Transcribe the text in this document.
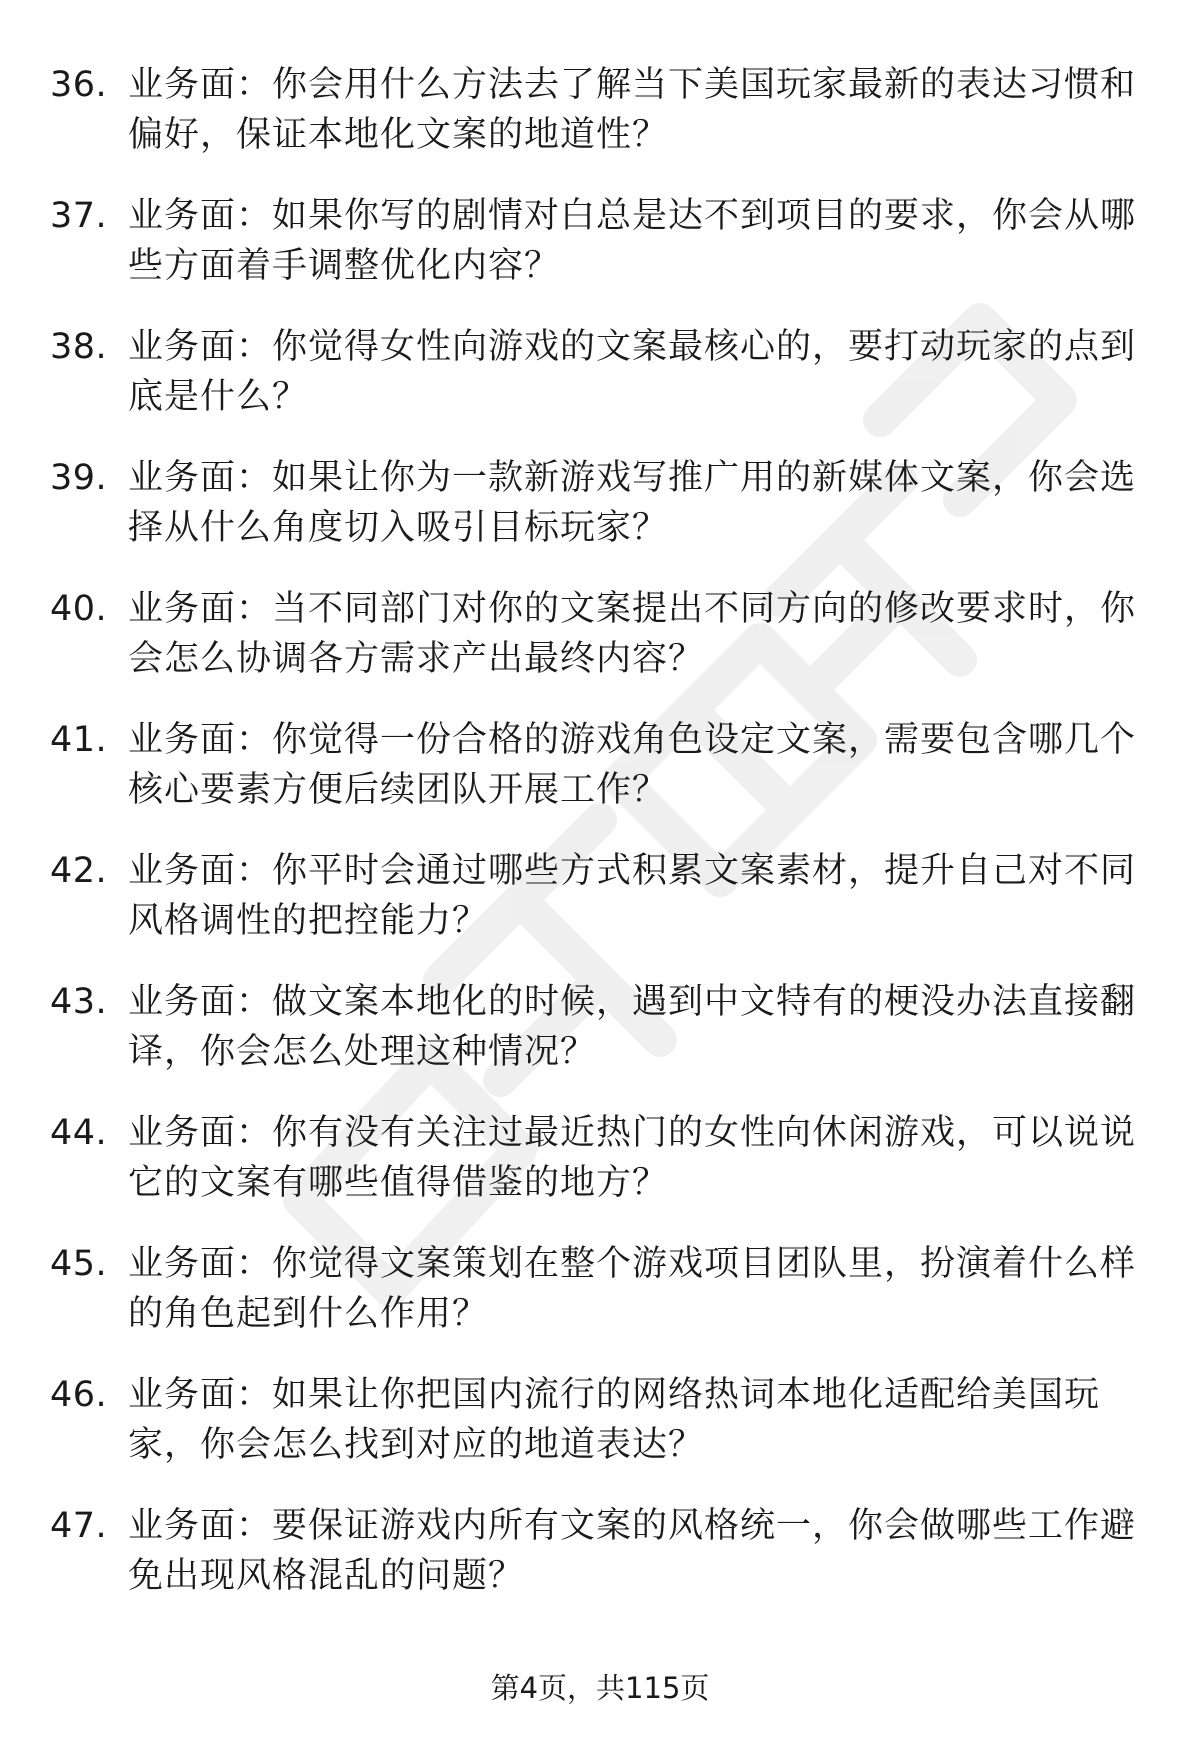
36. 业务面：你会用什么方法去了解当下美国玩家最新的表达习惯和偏好，保证本地化文案的地道性？
37. 业务面：如果你写的剧情对白总是达不到项目的要求，你会从哪些方面着手调整优化内容？
38. 业务面：你觉得女性向游戏的文案最核心的，要打动玩家的点到底是什么？
39. 业务面：如果让你为一款新游戏写推广用的新媒体文案，你会选择从什么角度切入吸引目标玩家？
40. 业务面：当不同部门对你的文案提出不同方向的修改要求时，你会怎么协调各方需求产出最终内容？
41. 业务面：你觉得一份合格的游戏角色设定文案，需要包含哪几个核心要素方便后续团队开展工作？
42. 业务面：你平时会通过哪些方式积累文案素材，提升自己对不同风格调性的把控能力？
43. 业务面：做文案本地化的时候，遇到中文特有的梗没办法直接翻译，你会怎么处理这种情况？
44. 业务面：你有没有关注过最近热门的女性向休闲游戏，可以说说它的文案有哪些值得借鉴的地方？
45. 业务面：你觉得文案策划在整个游戏项目团队里，扮演着什么样的角色起到什么作用？
46. 业务面：如果让你把国内流行的网络热词本地化适配给美国玩家，你会怎么找到对应的地道表达？
47. 业务面：要保证游戏内所有文案的风格统一，你会做哪些工作避免出现风格混乱的问题？
第4页，共115页
